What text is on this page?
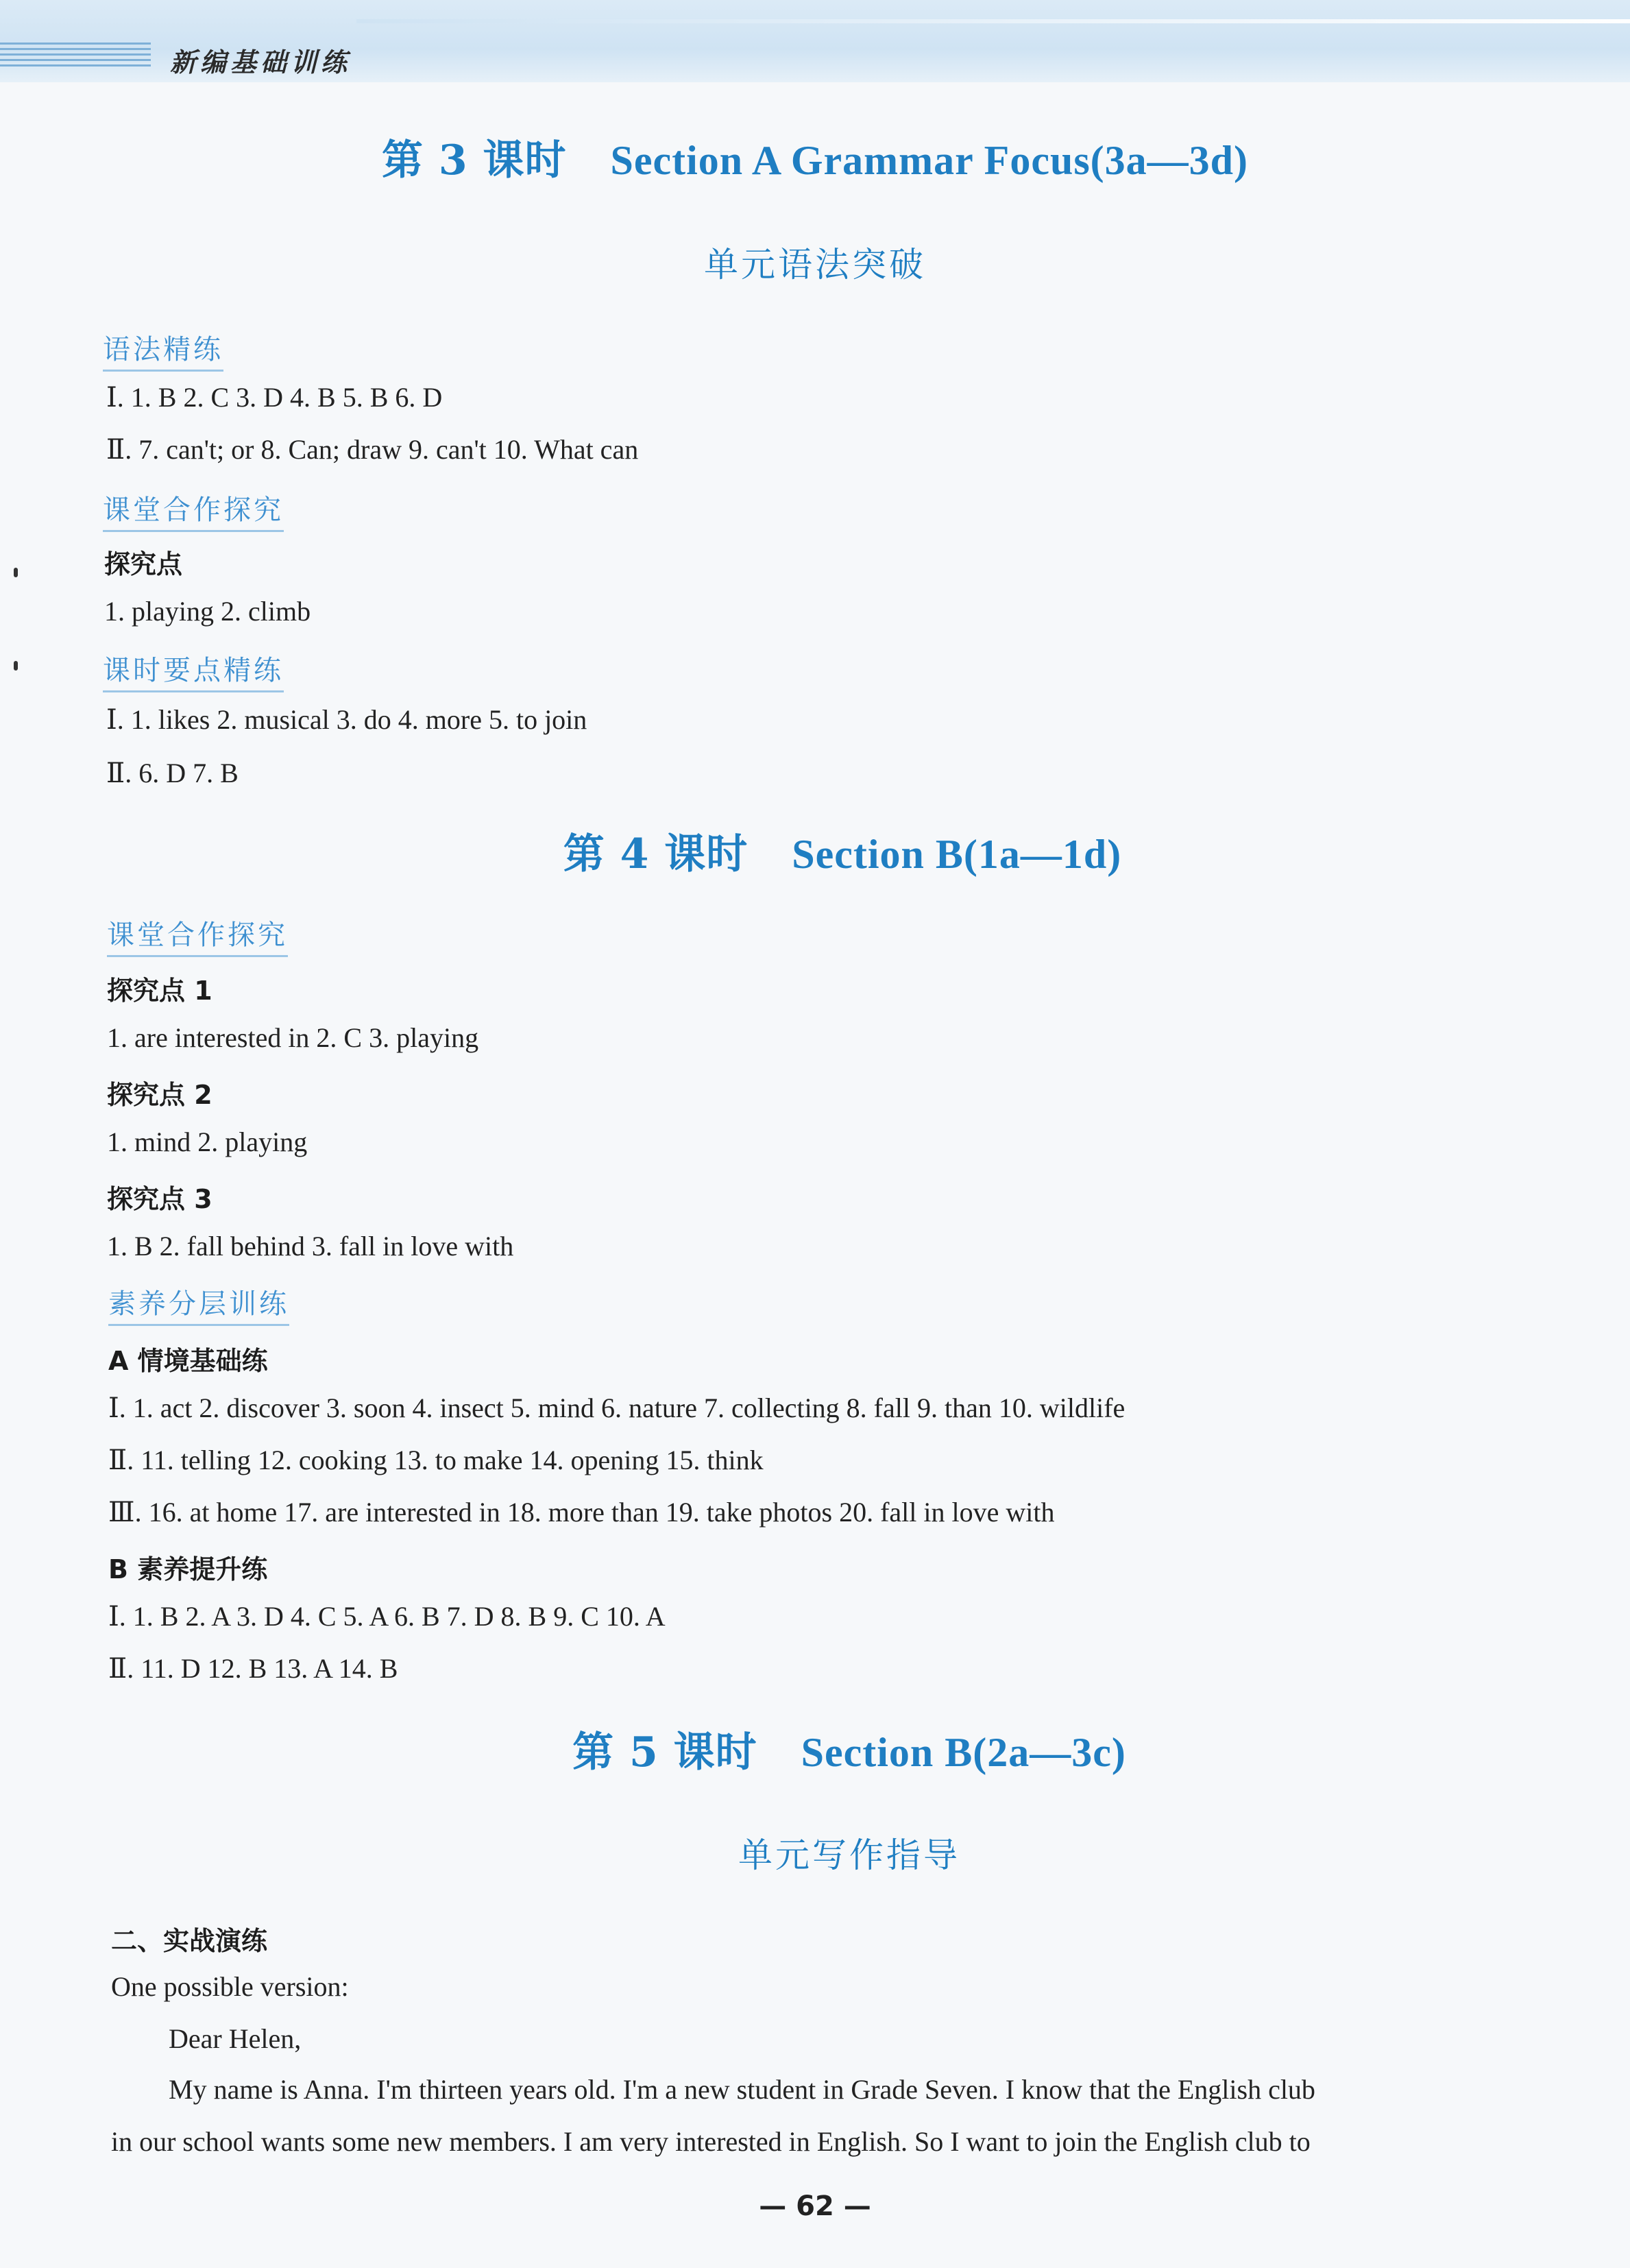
新编基础训练
第 3 课时 Section A Grammar Focus(3a—3d)
单元语法突破
语法精练
Ⅰ. 1. B 2. C 3. D 4. B 5. B 6. D
Ⅱ. 7. can't; or 8. Can; draw 9. can't 10. What can
课堂合作探究
探究点
1. playing 2. climb
课时要点精练
Ⅰ. 1. likes 2. musical 3. do 4. more 5. to join
Ⅱ. 6. D 7. B
第 4 课时 Section B(1a—1d)
课堂合作探究
探究点 1
1. are interested in 2. C 3. playing
探究点 2
1. mind 2. playing
探究点 3
1. B 2. fall behind 3. fall in love with
素养分层训练
A 情境基础练
Ⅰ. 1. act 2. discover 3. soon 4. insect 5. mind 6. nature 7. collecting 8. fall 9. than 10. wildlife
Ⅱ. 11. telling 12. cooking 13. to make 14. opening 15. think
Ⅲ. 16. at home 17. are interested in 18. more than 19. take photos 20. fall in love with
B 素养提升练
Ⅰ. 1. B 2. A 3. D 4. C 5. A 6. B 7. D 8. B 9. C 10. A
Ⅱ. 11. D 12. B 13. A 14. B
第 5 课时 Section B(2a—3c)
单元写作指导
二、实战演练
One possible version:
Dear Helen,
My name is Anna. I'm thirteen years old. I'm a new student in Grade Seven. I know that the English club
in our school wants some new members. I am very interested in English. So I want to join the English club to
— 62 —
